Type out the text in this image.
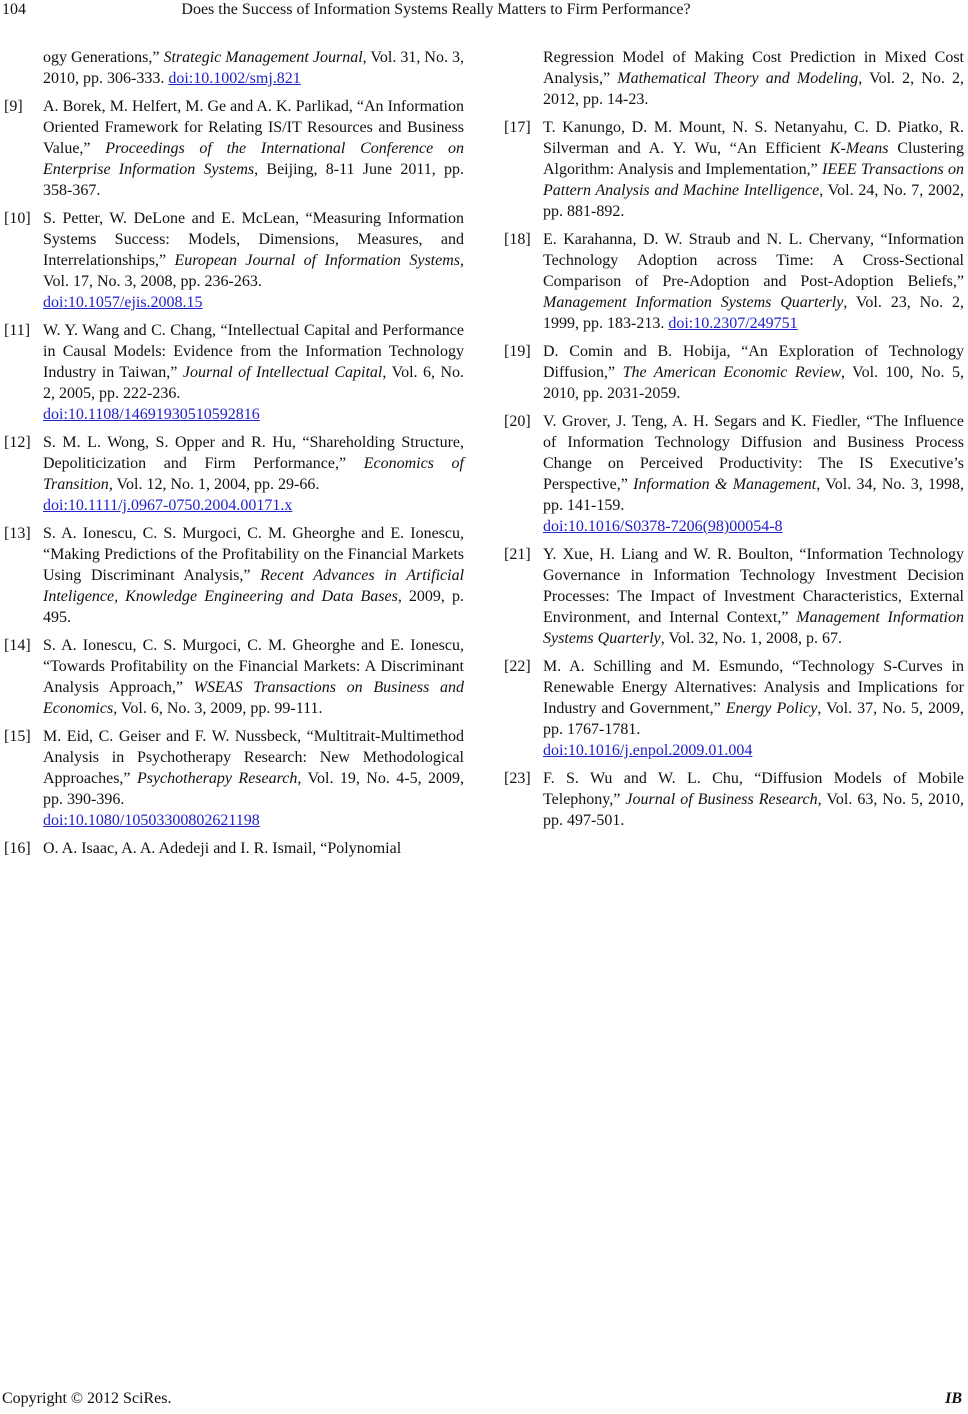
104	Does the Success of Information Systems Really Matters to Firm Performance?
ogy Generations,” Strategic Management Journal, Vol. 31, No. 3, 2010, pp. 306-333. doi:10.1002/smj.821
[9] A. Borek, M. Helfert, M. Ge and A. K. Parlikad, “An Information Oriented Framework for Relating IS/IT Resources and Business Value,” Proceedings of the International Conference on Enterprise Information Systems, Beijing, 8-11 June 2011, pp. 358-367.
[10] S. Petter, W. DeLone and E. McLean, “Measuring Information Systems Success: Models, Dimensions, Measures, and Interrelationships,” European Journal of Information Systems, Vol. 17, No. 3, 2008, pp. 236-263.
doi:10.1057/ejis.2008.15
[11] W. Y. Wang and C. Chang, “Intellectual Capital and Performance in Causal Models: Evidence from the Information Technology Industry in Taiwan,” Journal of Intellectual Capital, Vol. 6, No. 2, 2005, pp. 222-236.
doi:10.1108/14691930510592816
[12] S. M. L. Wong, S. Opper and R. Hu, “Shareholding Structure, Depoliticization and Firm Performance,” Economics of Transition, Vol. 12, No. 1, 2004, pp. 29-66.
doi:10.1111/j.0967-0750.2004.00171.x
[13] S. A. Ionescu, C. S. Murgoci, C. M. Gheorghe and E. Ionescu, “Making Predictions of the Profitability on the Financial Markets Using Discriminant Analysis,” Recent Advances in Artificial Inteligence, Knowledge Engineering and Data Bases, 2009, p. 495.
[14] S. A. Ionescu, C. S. Murgoci, C. M. Gheorghe and E. Ionescu, “Towards Profitability on the Financial Markets: A Discriminant Analysis Approach,” WSEAS Transactions on Business and Economics, Vol. 6, No. 3, 2009, pp. 99-111.
[15] M. Eid, C. Geiser and F. W. Nussbeck, “Multitrait-Multimethod Analysis in Psychotherapy Research: New Methodological Approaches,” Psychotherapy Research, Vol. 19, No. 4-5, 2009, pp. 390-396.
doi:10.1080/10503300802621198
[16] O. A. Isaac, A. A. Adedeji and I. R. Ismail, “Polynomial
Regression Model of Making Cost Prediction in Mixed Cost Analysis,” Mathematical Theory and Modeling, Vol. 2, No. 2, 2012, pp. 14-23.
[17] T. Kanungo, D. M. Mount, N. S. Netanyahu, C. D. Piatko, R. Silverman and A. Y. Wu, “An Efficient K-Means Clustering Algorithm: Analysis and Implementation,” IEEE Transactions on Pattern Analysis and Machine Intelligence, Vol. 24, No. 7, 2002, pp. 881-892.
[18] E. Karahanna, D. W. Straub and N. L. Chervany, “Information Technology Adoption across Time: A Cross-Sectional Comparison of Pre-Adoption and Post-Adoption Beliefs,” Management Information Systems Quarterly, Vol. 23, No. 2, 1999, pp. 183-213. doi:10.2307/249751
[19] D. Comin and B. Hobija, “An Exploration of Technology Diffusion,” The American Economic Review, Vol. 100, No. 5, 2010, pp. 2031-2059.
[20] V. Grover, J. Teng, A. H. Segars and K. Fiedler, “The Influence of Information Technology Diffusion and Business Process Change on Perceived Productivity: The IS Executive’s Perspective,” Information & Management, Vol. 34, No. 3, 1998, pp. 141-159.
doi:10.1016/S0378-7206(98)00054-8
[21] Y. Xue, H. Liang and W. R. Boulton, “Information Technology Governance in Information Technology Investment Decision Processes: The Impact of Investment Characteristics, External Environment, and Internal Context,” Management Information Systems Quarterly, Vol. 32, No. 1, 2008, p. 67.
[22] M. A. Schilling and M. Esmundo, “Technology S-Curves in Renewable Energy Alternatives: Analysis and Implications for Industry and Government,” Energy Policy, Vol. 37, No. 5, 2009, pp. 1767-1781.
doi:10.1016/j.enpol.2009.01.004
[23] F. S. Wu and W. L. Chu, “Diffusion Models of Mobile Telephony,” Journal of Business Research, Vol. 63, No. 5, 2010, pp. 497-501.
Copyright © 2012 SciRes.	IB
